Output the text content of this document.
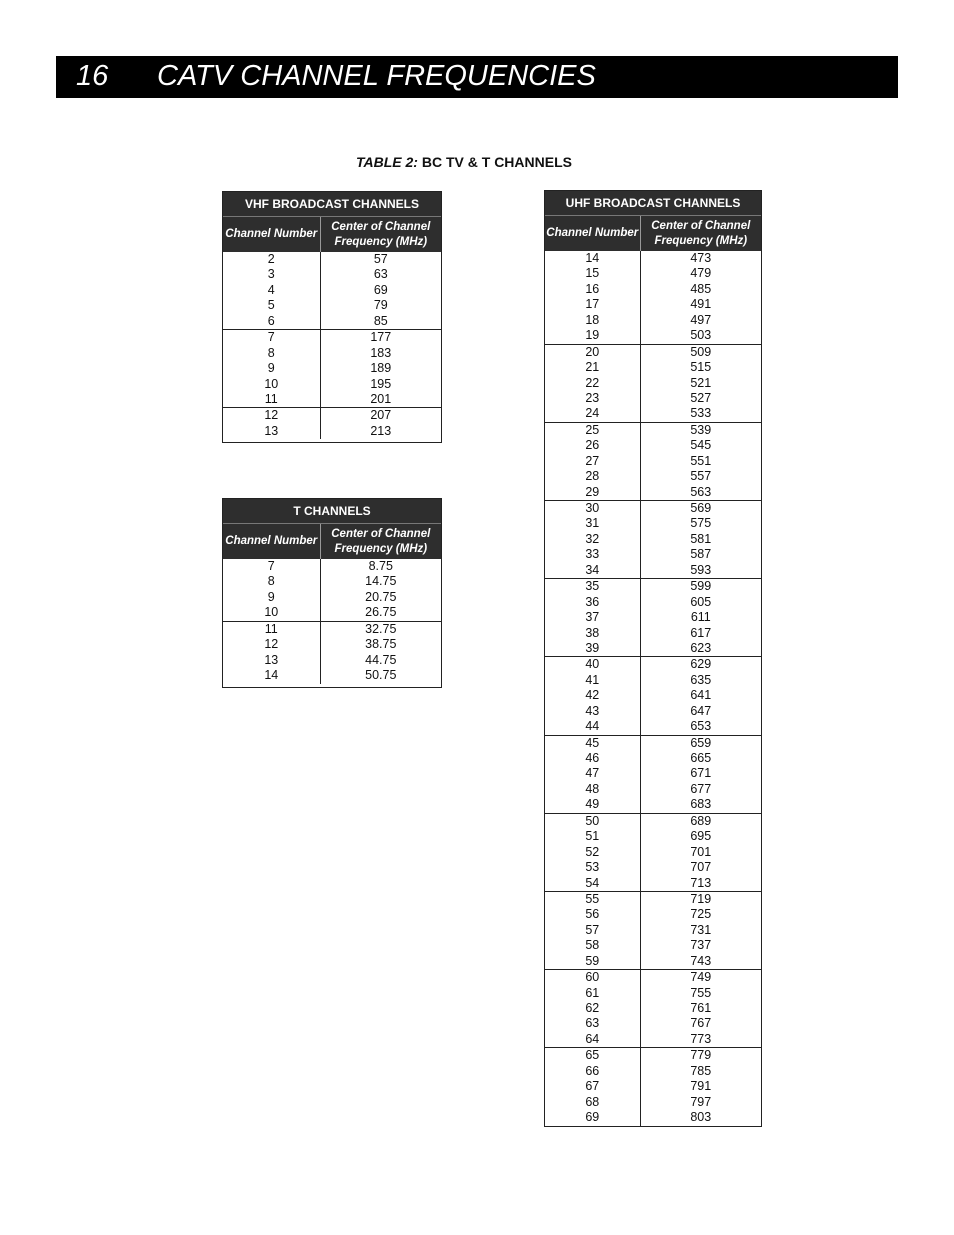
16 CATV CHANNEL FREQUENCIES
TABLE 2: BC TV & T CHANNELS
VHF BROADCAST CHANNELS
Channel Number
Center of Channel Frequency (MHz)
2	57
3	63
4	69
5	79
6	85
7	177
8	183
9	189
10	195
11	201
12	207
13	213
T CHANNELS
Channel Number
Center of Channel Frequency (MHz)
7	8.75
8	14.75
9	20.75
10	26.75
11	32.75
12	38.75
13	44.75
14	50.75
UHF BROADCAST CHANNELS
Channel Number
Center of Channel Frequency (MHz)
14	473
15	479
16	485
17	491
18	497
19	503
20	509
21	515
22	521
23	527
24	533
25	539
26	545
27	551
28	557
29	563
30	569
31	575
32	581
33	587
34	593
35	599
36	605
37	611
38	617
39	623
40	629
41	635
42	641
43	647
44	653
45	659
46	665
47	671
48	677
49	683
50	689
51	695
52	701
53	707
54	713
55	719
56	725
57	731
58	737
59	743
60	749
61	755
62	761
63	767
64	773
65	779
66	785
67	791
68	797
69	803
